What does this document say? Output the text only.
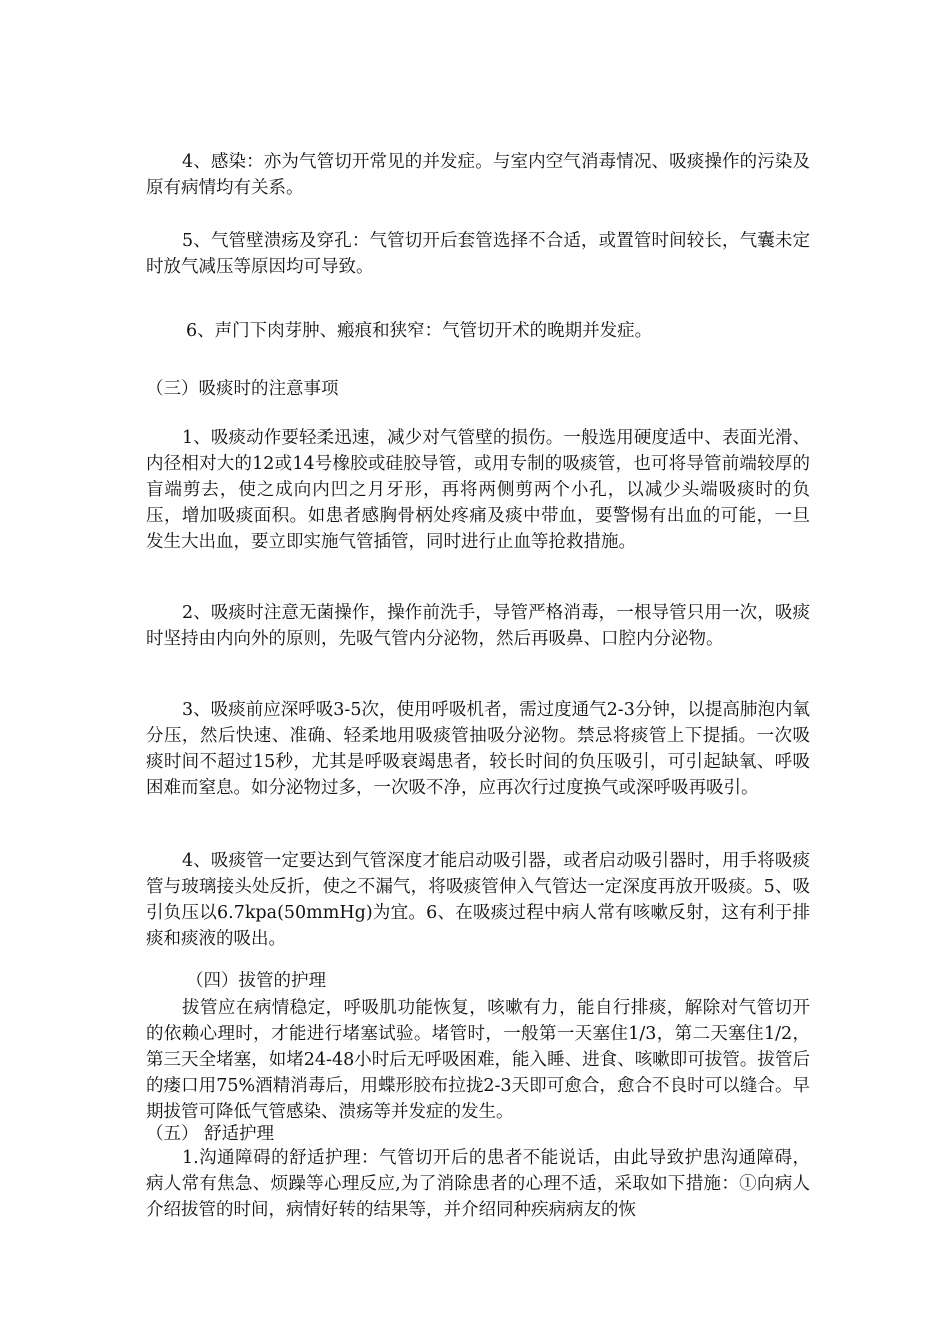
4、感染：亦为气管切开常见的并发症。与室内空气消毒情况、吸痰操作的污染及原有病情均有关系。

5、气管壁溃疡及穿孔：气管切开后套管选择不合适，或置管时间较长，气囊未定时放气减压等原因均可导致。

6、声门下肉芽肿、瘢痕和狭窄：气管切开术的晚期并发症。

（三）吸痰时的注意事项

1、吸痰动作要轻柔迅速，减少对气管壁的损伤。一般选用硬度适中、表面光滑、内径相对大的12或14号橡胶或硅胶导管，或用专制的吸痰管，也可将导管前端较厚的盲端剪去，使之成向内凹之月牙形，再将两侧剪两个小孔，以减少头端吸痰时的负压，增加吸痰面积。如患者感胸骨柄处疼痛及痰中带血，要警惕有出血的可能，一旦发生大出血，要立即实施气管插管，同时进行止血等抢救措施。

2、吸痰时注意无菌操作，操作前洗手，导管严格消毒，一根导管只用一次，吸痰时坚持由内向外的原则，先吸气管内分泌物，然后再吸鼻、口腔内分泌物。

3、吸痰前应深呼吸3-5次，使用呼吸机者，需过度通气2-3分钟，以提高肺泡内氧分压，然后快速、准确、轻柔地用吸痰管抽吸分泌物。禁忌将痰管上下提插。一次吸痰时间不超过15秒，尤其是呼吸衰竭患者，较长时间的负压吸引，可引起缺氧、呼吸困难而窒息。如分泌物过多，一次吸不净，应再次行过度换气或深呼吸再吸引。

4、吸痰管一定要达到气管深度才能启动吸引器，或者启动吸引器时，用手将吸痰管与玻璃接头处反折，使之不漏气，将吸痰管伸入气管达一定深度再放开吸痰。5、吸引负压以6.7kpa(50mmHg)为宜。6、在吸痰过程中病人常有咳嗽反射，这有利于排痰和痰液的吸出。

（四）拔管的护理

拔管应在病情稳定，呼吸肌功能恢复，咳嗽有力，能自行排痰，解除对气管切开的依赖心理时，才能进行堵塞试验。堵管时，一般第一天塞住1/3，第二天塞住1/2，第三天全堵塞，如堵24-48小时后无呼吸困难，能入睡、进食、咳嗽即可拔管。拔管后的瘘口用75%酒精消毒后，用蝶形胶布拉拢2-3天即可愈合，愈合不良时可以缝合。早期拔管可降低气管感染、溃疡等并发症的发生。

（五） 舒适护理

1.沟通障碍的舒适护理：气管切开后的患者不能说话，由此导致护患沟通障碍，病人常有焦急、烦躁等心理反应,为了消除患者的心理不适，采取如下措施：①向病人介绍拔管的时间，病情好转的结果等，并介绍同种疾病病友的恢
